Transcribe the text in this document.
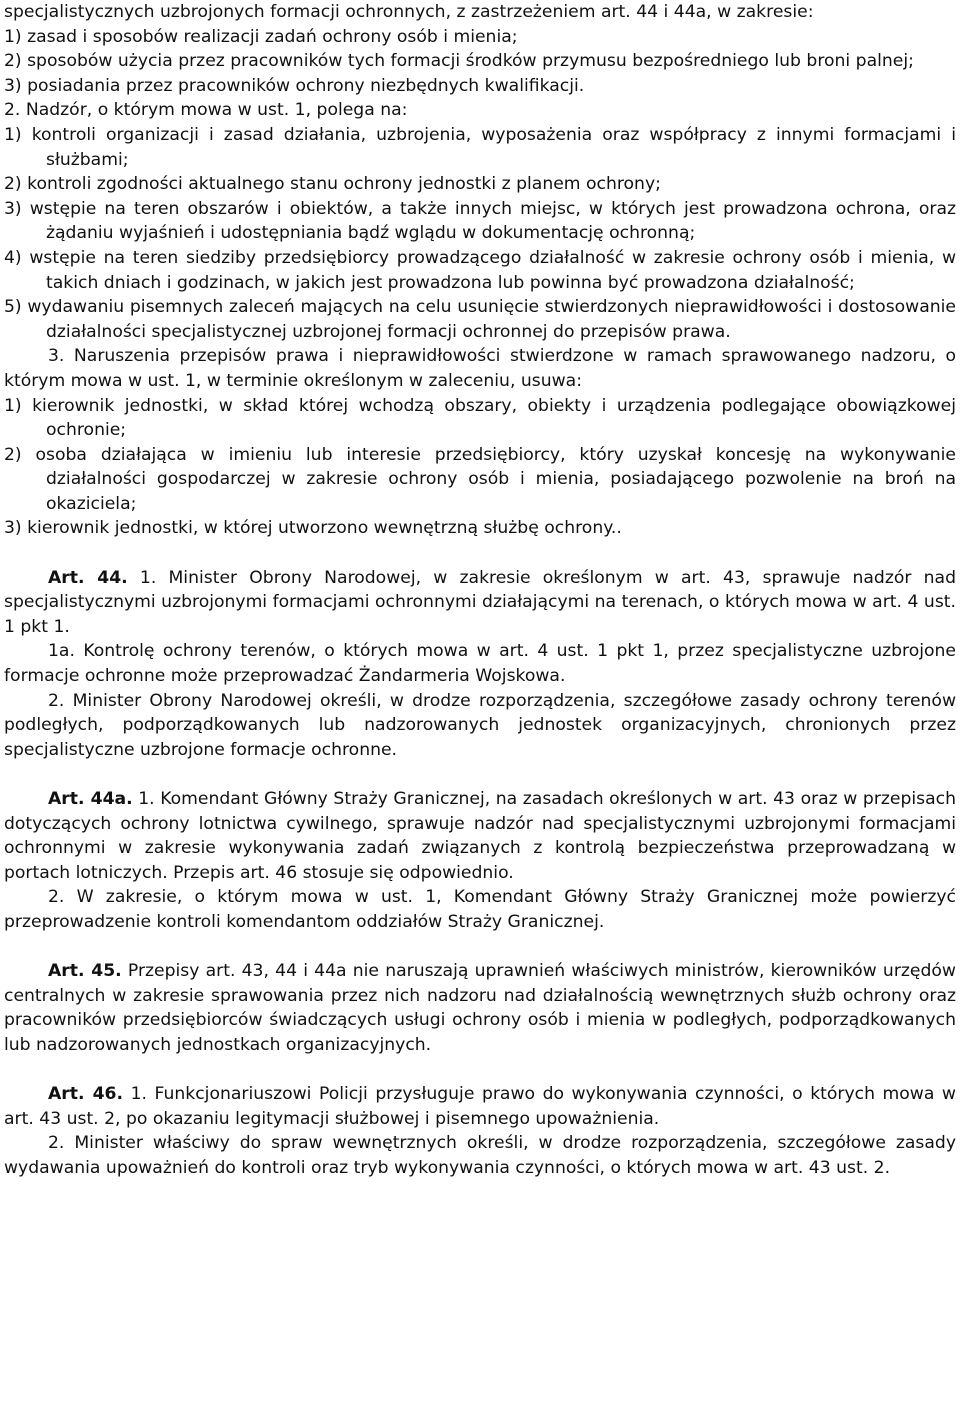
specjalistycznych uzbrojonych formacji ochronnych, z zastrzeżeniem art. 44 i 44a, w zakresie:

1) zasad i sposobów realizacji zadań ochrony osób i mienia;

2) sposobów użycia przez pracowników tych formacji środków przymusu bezpośredniego lub broni palnej;

3) posiadania przez pracowników ochrony niezbędnych kwalifikacji.

2. Nadzór, o którym mowa w ust. 1, polega na:

1) kontroli organizacji i zasad działania, uzbrojenia, wyposażenia oraz współpracy z innymi formacjami i służbami;

2) kontroli zgodności aktualnego stanu ochrony jednostki z planem ochrony;

3) wstępie na teren obszarów i obiektów, a także innych miejsc, w których jest prowadzona ochrona, oraz żądaniu wyjaśnień i udostępniania bądź wglądu w dokumentację ochronną;

4) wstępie na teren siedziby przedsiębiorcy prowadzącego działalność w zakresie ochrony osób i mienia, w takich dniach i godzinach, w jakich jest prowadzona lub powinna być prowadzona działalność;

5) wydawaniu pisemnych zaleceń mających na celu usunięcie stwierdzonych nieprawidłowości i dostosowanie działalności specjalistycznej uzbrojonej formacji ochronnej do przepisów prawa.

3. Naruszenia przepisów prawa i nieprawidłowości stwierdzone w ramach sprawowanego nadzoru, o którym mowa w ust. 1, w terminie określonym w zaleceniu, usuwa:

1) kierownik jednostki, w skład której wchodzą obszary, obiekty i urządzenia podlegające obowiązkowej ochronie;

2) osoba działająca w imieniu lub interesie przedsiębiorcy, który uzyskał koncesję na wykonywanie działalności gospodarczej w zakresie ochrony osób i mienia, posiadającego pozwolenie na broń na okaziciela;

3) kierownik jednostki, w której utworzono wewnętrzną służbę ochrony..

Art. 44. 1. Minister Obrony Narodowej, w zakresie określonym w art. 43, sprawuje nadzór nad specjalistycznymi uzbrojonymi formacjami ochronnymi działającymi na terenach, o których mowa w art. 4 ust. 1 pkt 1.

1a. Kontrolę ochrony terenów, o których mowa w art. 4 ust. 1 pkt 1, przez specjalistyczne uzbrojone formacje ochronne może przeprowadzać Żandarmeria Wojskowa.

2. Minister Obrony Narodowej określi, w drodze rozporządzenia, szczegółowe zasady ochrony terenów podległych, podporządkowanych lub nadzorowanych jednostek organizacyjnych, chronionych przez specjalistyczne uzbrojone formacje ochronne.

Art. 44a. 1. Komendant Główny Straży Granicznej, na zasadach określonych w art. 43 oraz w przepisach dotyczących ochrony lotnictwa cywilnego, sprawuje nadzór nad specjalistycznymi uzbrojonymi formacjami ochronnymi w zakresie wykonywania zadań związanych z kontrolą bezpieczeństwa przeprowadzaną w portach lotniczych. Przepis art. 46 stosuje się odpowiednio.

2. W zakresie, o którym mowa w ust. 1, Komendant Główny Straży Granicznej może powierzyć przeprowadzenie kontroli komendantom oddziałów Straży Granicznej.

Art. 45. Przepisy art. 43, 44 i 44a nie naruszają uprawnień właściwych ministrów, kierowników urzędów centralnych w zakresie sprawowania przez nich nadzoru nad działalnością wewnętrznych służb ochrony oraz pracowników przedsiębiorców świadczących usługi ochrony osób i mienia w podległych, podporządkowanych lub nadzorowanych jednostkach organizacyjnych.

Art. 46. 1. Funkcjonariuszowi Policji przysługuje prawo do wykonywania czynności, o których mowa w art. 43 ust. 2, po okazaniu legitymacji służbowej i pisemnego upoważnienia.

2. Minister właściwy do spraw wewnętrznych określi, w drodze rozporządzenia, szczegółowe zasady wydawania upoważnień do kontroli oraz tryb wykonywania czynności, o których mowa w art. 43 ust. 2.
